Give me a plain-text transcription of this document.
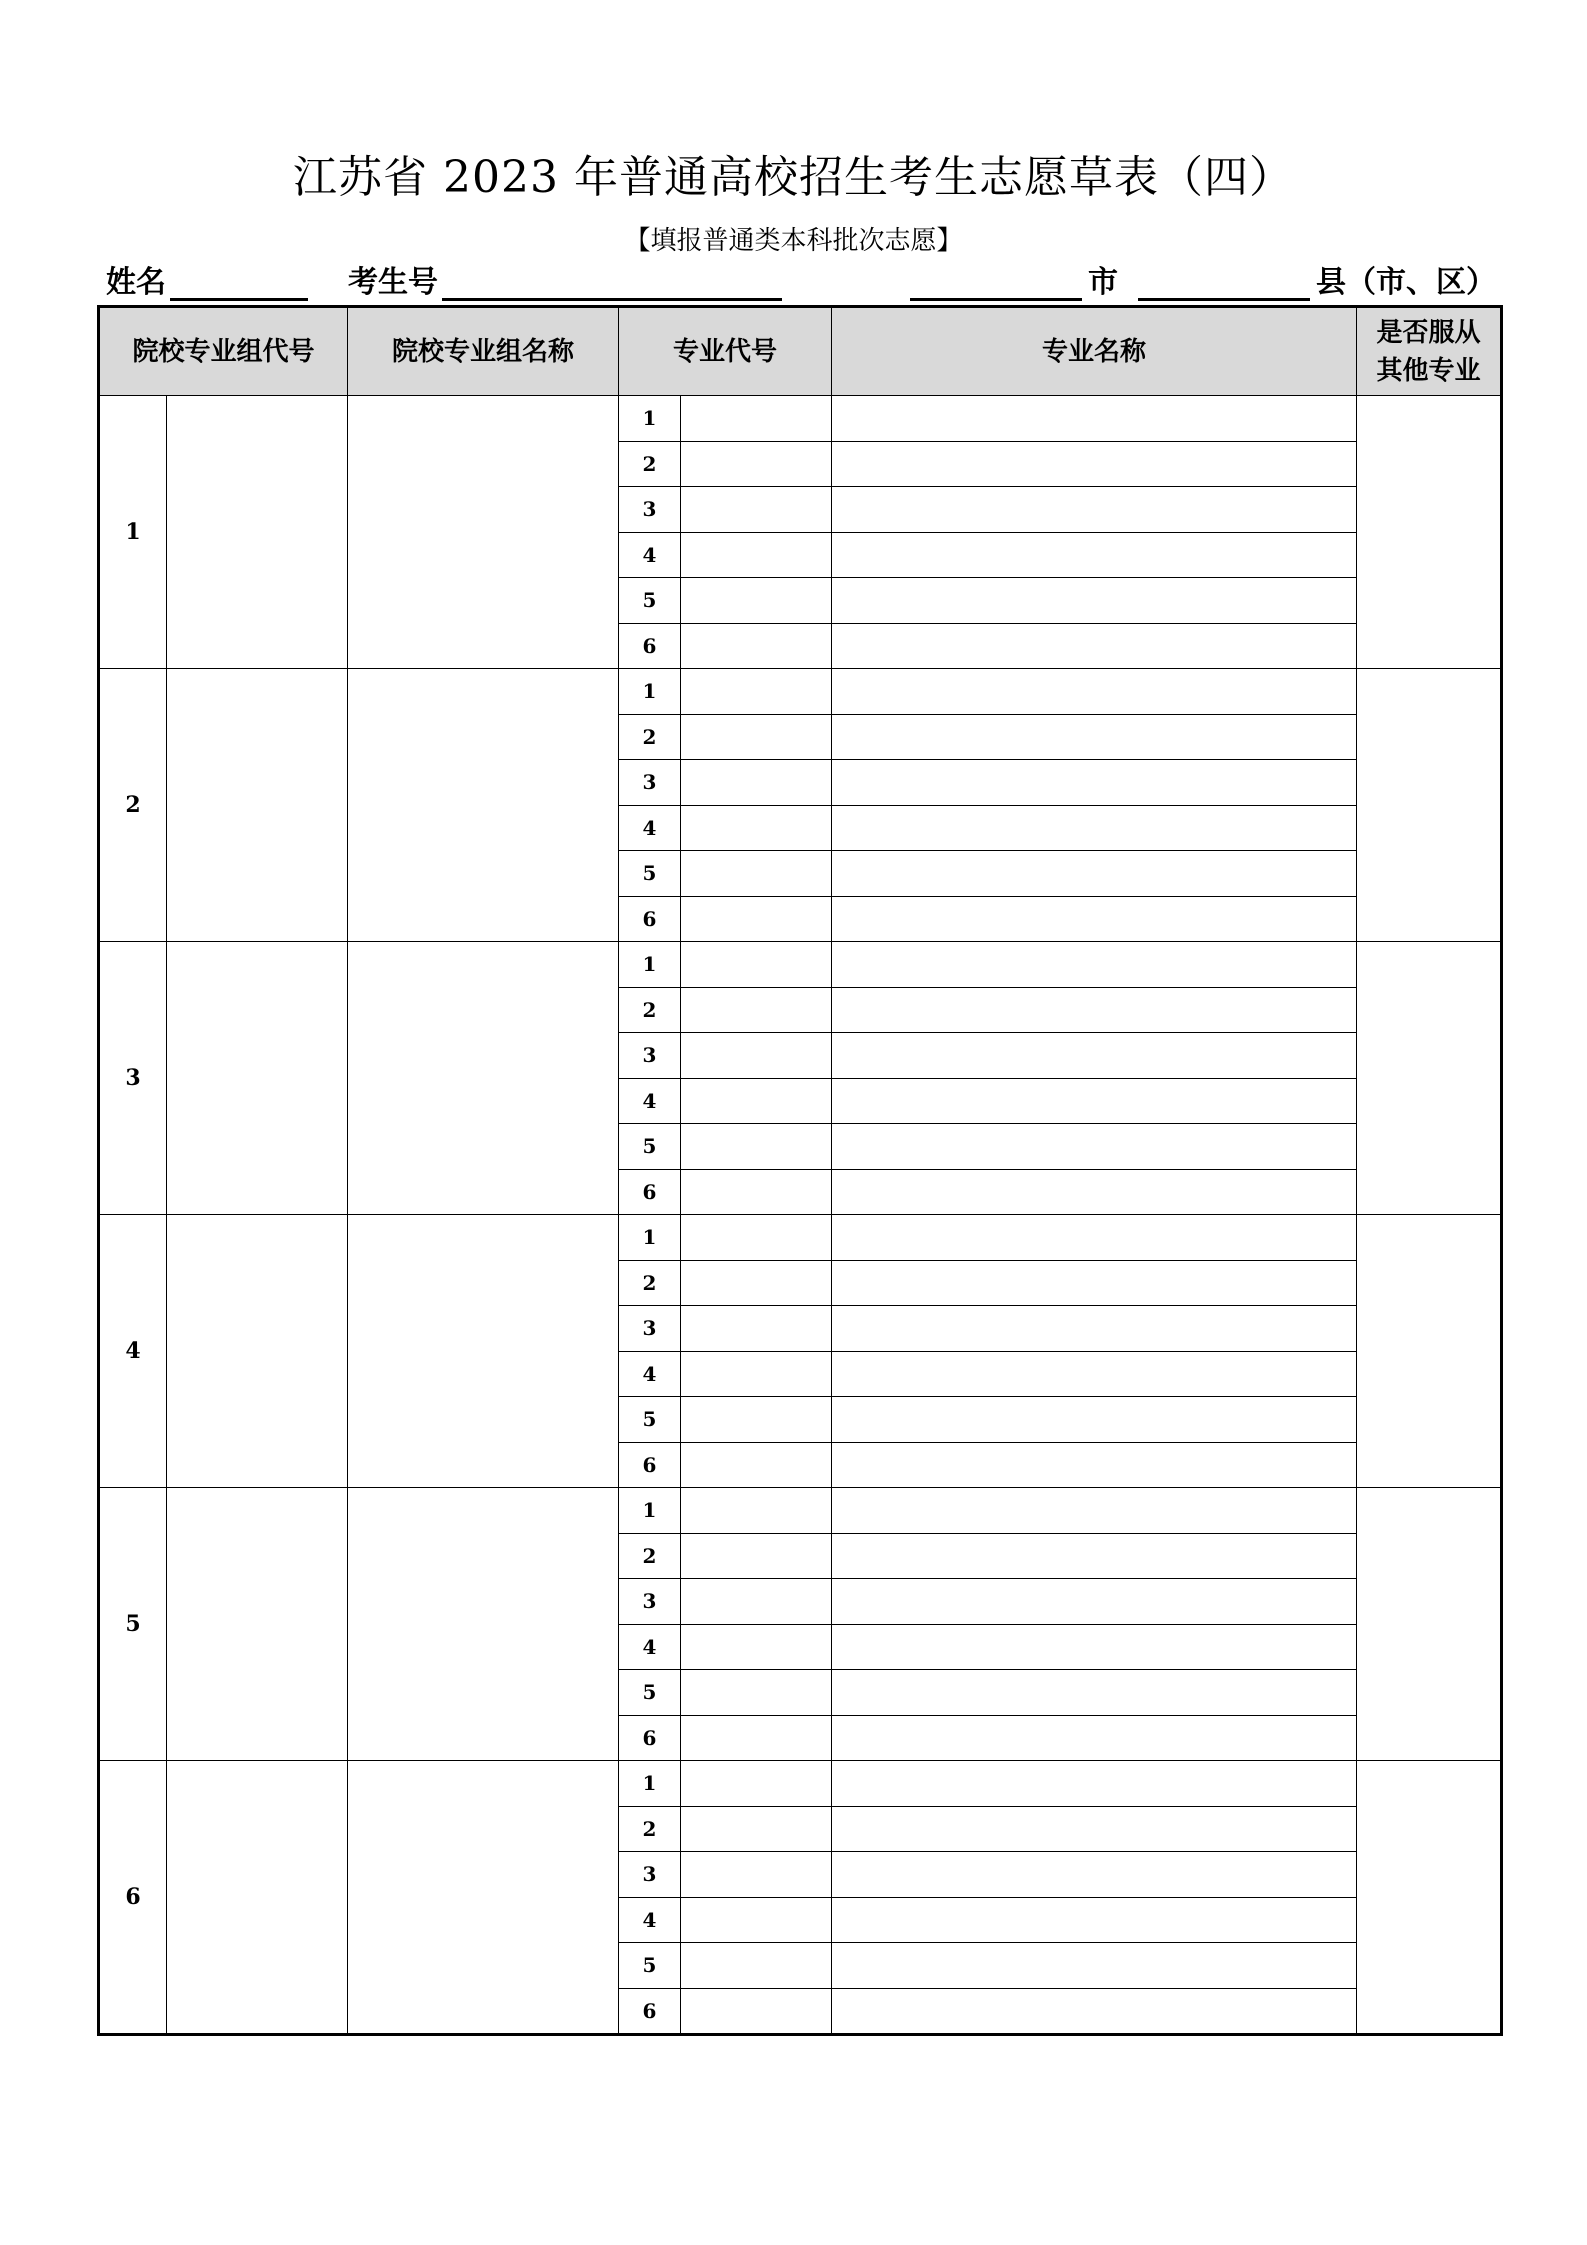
江苏省 2023 年普通高校招生考生志愿草表（四）
【填报普通类本科批次志愿】
姓名	考生号	市	县（市、区）
院校专业组代号		院校专业组名称	专业代号		专业名称	是否服从其他专业
1			1			
			2			
			3			
			4			
			5			
			6			
2			1			
			2			
			3			
			4			
			5			
			6			
3			1			
			2			
			3			
			4			
			5			
			6			
4			1			
			2			
			3			
			4			
			5			
			6			
5			1			
			2			
			3			
			4			
			5			
			6			
6			1			
			2			
			3			
			4			
			5			
			6			
